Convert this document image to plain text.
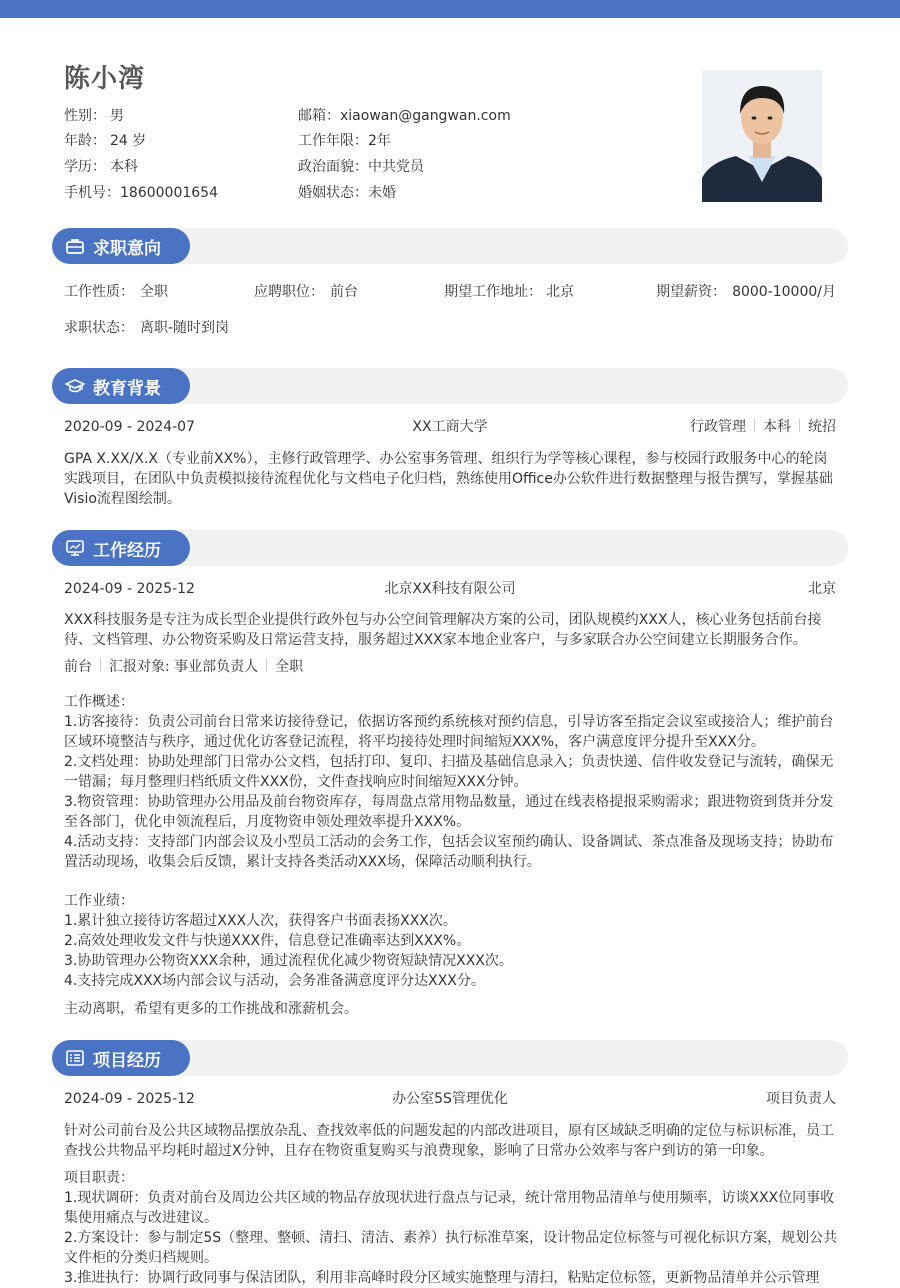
陈小湾
性别： 男
年龄： 24 岁
学历： 本科
手机号：18600001654
邮箱：xiaowan@gangwan.com
工作年限：2年
政治面貌：中共党员
婚姻状态：未婚
求职意向
工作性质： 全职	应聘职位： 前台	期望工作地址： 北京	期望薪资： 8000-10000/月
求职状态： 离职-随时到岗
教育背景
2020-09 - 2024-07	XX工商大学	行政管理 本科 统招
GPA X.XX/X.X（专业前XX%），主修行政管理学、办公室事务管理、组织行为学等核心课程，参与校园行政服务中心的轮岗
实践项目，在团队中负责模拟接待流程优化与文档电子化归档，熟练使用Office办公软件进行数据整理与报告撰写，掌握基础
Visio流程图绘制。
工作经历
2024-09 - 2025-12	北京XX科技有限公司	北京
XXX科技服务是专注为成长型企业提供行政外包与办公空间管理解决方案的公司，团队规模约XXX人，核心业务包括前台接
待、文档管理、办公物资采购及日常运营支持，服务超过XXX家本地企业客户，与多家联合办公空间建立长期服务合作。
前台 汇报对象: 事业部负责人 全职
工作概述：
1.访客接待：负责公司前台日常来访接待登记，依据访客预约系统核对预约信息，引导访客至指定会议室或接洽人；维护前台
区域环境整洁与秩序，通过优化访客登记流程，将平均接待处理时间缩短XXX%，客户满意度评分提升至XXX分。
2.文档处理：协助处理部门日常办公文档，包括打印、复印、扫描及基础信息录入；负责快递、信件收发登记与流转，确保无
一错漏；每月整理归档纸质文件XXX份，文件查找响应时间缩短XXX分钟。
3.物资管理：协助管理办公用品及前台物资库存，每周盘点常用物品数量，通过在线表格提报采购需求；跟进物资到货并分发
至各部门，优化申领流程后，月度物资申领处理效率提升XXX%。
4.活动支持：支持部门内部会议及小型员工活动的会务工作，包括会议室预约确认、设备调试、茶点准备及现场支持；协助布
置活动现场，收集会后反馈，累计支持各类活动XXX场，保障活动顺利执行。
工作业绩：
1.累计独立接待访客超过XXX人次，获得客户书面表扬XXX次。
2.高效处理收发文件与快递XXX件，信息登记准确率达到XXX%。
3.协助管理办公物资XXX余种，通过流程优化减少物资短缺情况XXX次。
4.支持完成XXX场内部会议与活动，会务准备满意度评分达XXX分。
主动离职，希望有更多的工作挑战和涨薪机会。
项目经历
2024-09 - 2025-12	办公室5S管理优化	项目负责人
针对公司前台及公共区域物品摆放杂乱、查找效率低的问题发起的内部改进项目，原有区域缺乏明确的定位与标识标准，员工
查找公共物品平均耗时超过X分钟，且存在物资重复购买与浪费现象，影响了日常办公效率与客户到访的第一印象。
项目职责：
1.现状调研：负责对前台及周边公共区域的物品存放现状进行盘点与记录，统计常用物品清单与使用频率，访谈XXX位同事收
集使用痛点与改进建议。
2.方案设计：参与制定5S（整理、整顿、清扫、清洁、素养）执行标准草案，设计物品定位标签与可视化标识方案，规划公共
文件柜的分类归档规则。
3.推进执行：协调行政同事与保洁团队，利用非高峰时段分区域实施整理与清扫，粘贴定位标签，更新物品清单并公示管理
